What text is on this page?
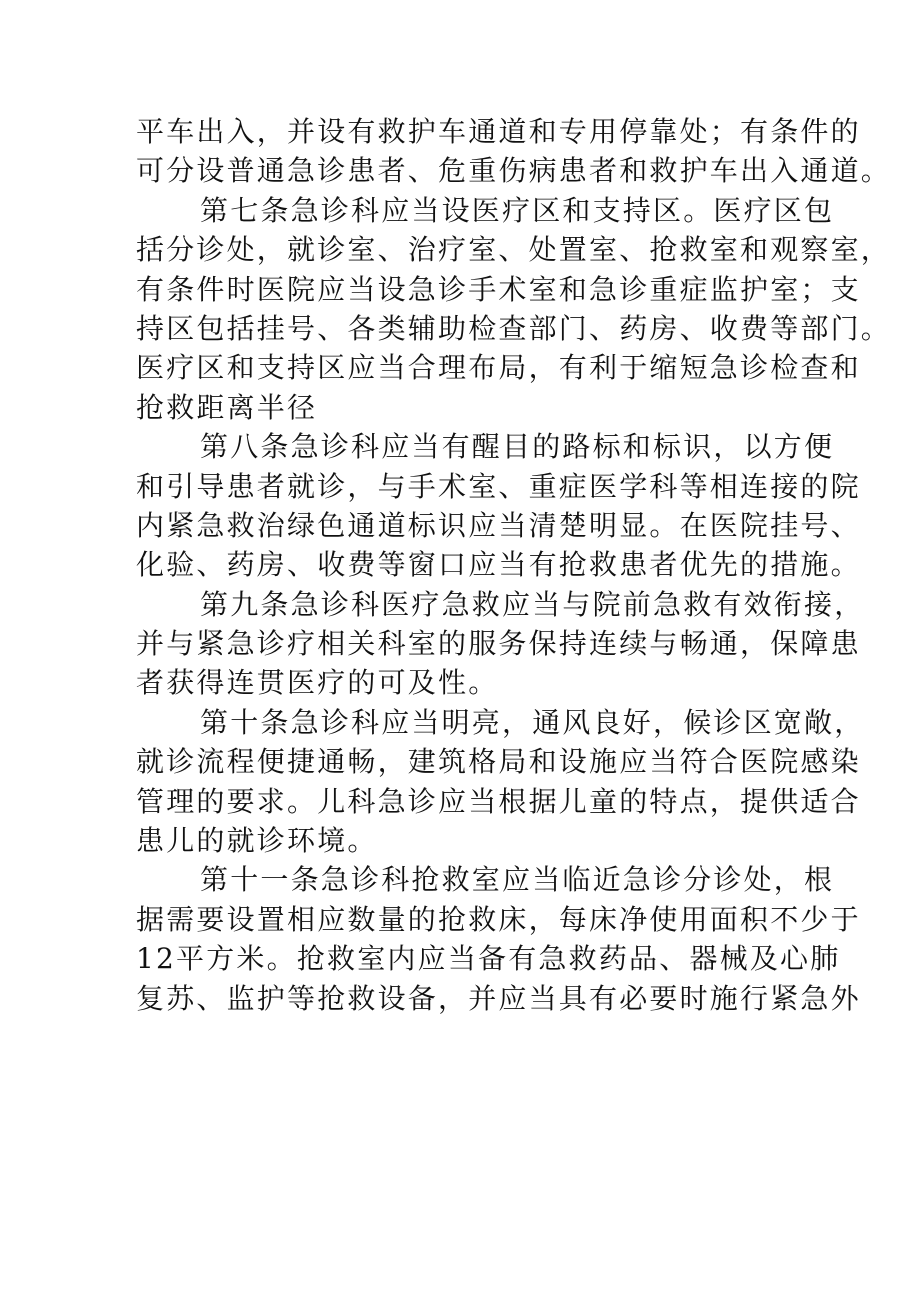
平车出入，并设有救护车通道和专用停靠处；有条件的
可分设普通急诊患者、危重伤病患者和救护车出入通道。
第七条急诊科应当设医疗区和支持区。医疗区包
括分诊处，就诊室、治疗室、处置室、抢救室和观察室，
有条件时医院应当设急诊手术室和急诊重症监护室；支
持区包括挂号、各类辅助检查部门、药房、收费等部门。
医疗区和支持区应当合理布局，有利于缩短急诊检查和
抢救距离半径
第八条急诊科应当有醒目的路标和标识，以方便
和引导患者就诊，与手术室、重症医学科等相连接的院
内紧急救治绿色通道标识应当清楚明显。在医院挂号、
化验、药房、收费等窗口应当有抢救患者优先的措施。
第九条急诊科医疗急救应当与院前急救有效衔接，
并与紧急诊疗相关科室的服务保持连续与畅通，保障患
者获得连贯医疗的可及性。
第十条急诊科应当明亮，通风良好，候诊区宽敞，
就诊流程便捷通畅，建筑格局和设施应当符合医院感染
管理的要求。儿科急诊应当根据儿童的特点，提供适合
患儿的就诊环境。
第十一条急诊科抢救室应当临近急诊分诊处，根
据需要设置相应数量的抢救床，每床净使用面积不少于
12平方米。抢救室内应当备有急救药品、器械及心肺
复苏、监护等抢救设备，并应当具有必要时施行紧急外
